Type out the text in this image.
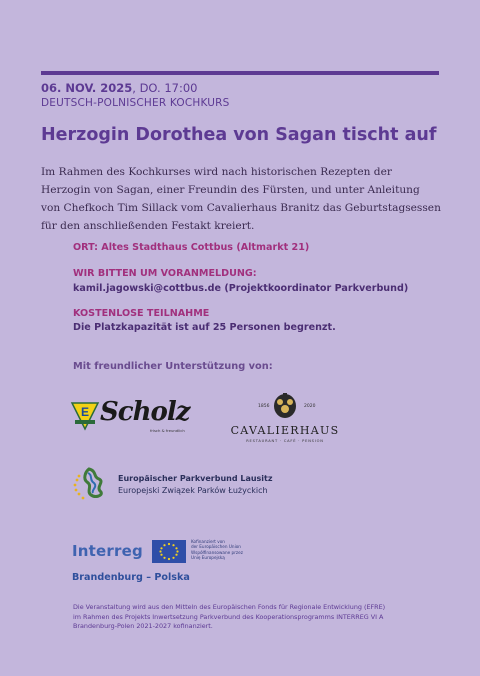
06. NOV. 2025, DO. 17:00
DEUTSCH-POLNISCHER KOCHKURS
Herzogin Dorothea von Sagan tischt auf
Im Rahmen des Kochkurses wird nach historischen Rezepten der
Herzogin von Sagan, einer Freundin des Fürsten, und unter Anleitung
von Chefkoch Tim Sillack vom Cavalierhaus Branitz das Geburtstagsessen
für den anschließenden Festakt kreiert.
ORT: Altes Stadthaus Cottbus (Altmarkt 21)
WIR BITTEN UM VORANMELDUNG:
kamil.jagowski@cottbus.de (Projektkoordinator Parkverbund)
KOSTENLOSE TEILNAHME
Die Platzkapazität ist auf 25 Personen begrenzt.
Mit freundlicher Unterstützung von:
E Scholz
frisch & freundlich
1856	2020
CAVALIERHAUS
RESTAURANT · CAFÉ · PENSION
Europäischer Parkverbund Lausitz
Europejski Związek Parków Łużyckich
Interreg
Kofinanziert von
der Europäischen Union
Współfinansowane przez
Unię Europejską
Brandenburg – Polska
Die Veranstaltung wird aus den Mitteln des Europäischen Fonds für Regionale Entwicklung (EFRE)
im Rahmen des Projekts Inwertsetzung Parkverbund des Kooperationsprogramms INTERREG VI A
Brandenburg-Polen 2021-2027 kofinanziert.
